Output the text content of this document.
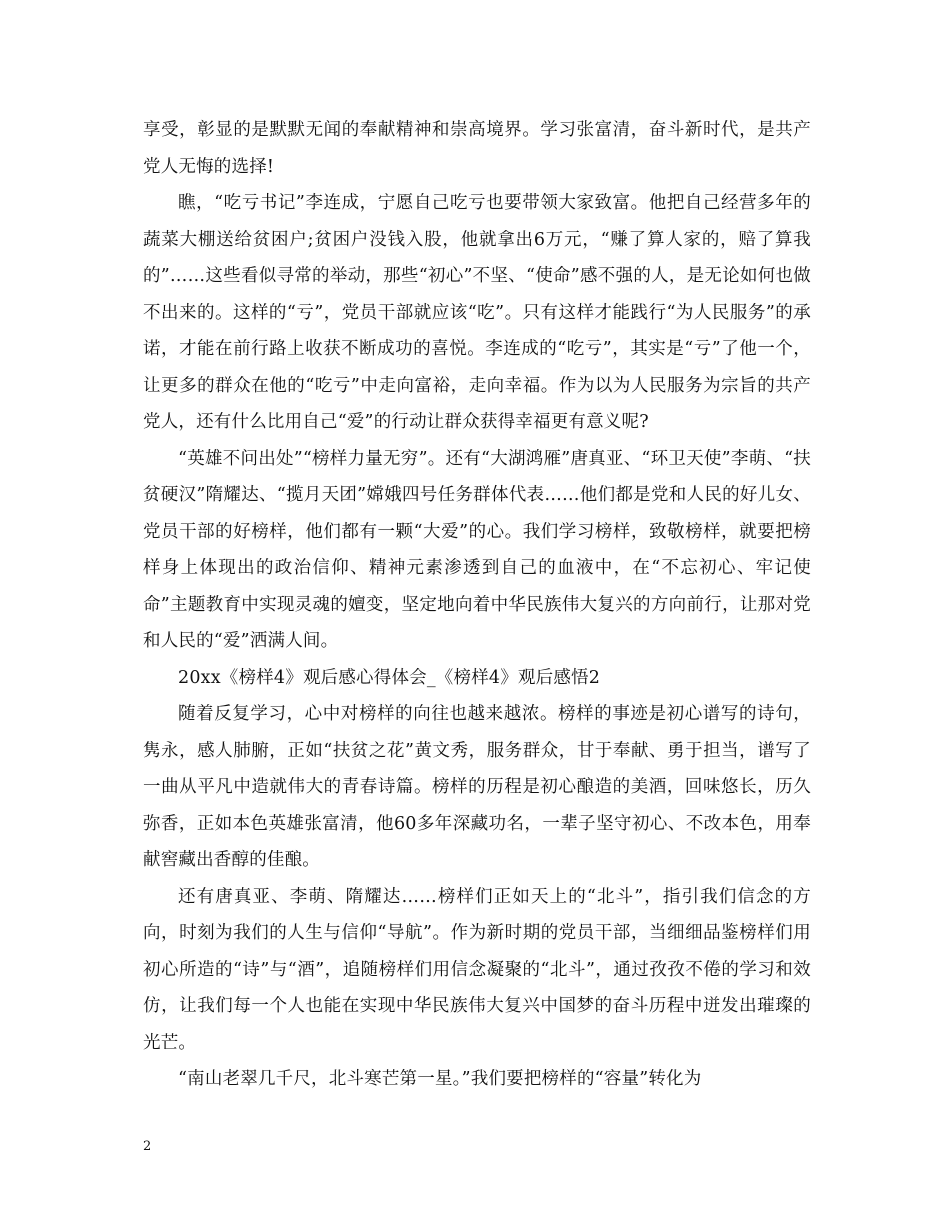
享受，彰显的是默默无闻的奉献精神和崇高境界。学习张富清，奋斗新时代，是共产党人无悔的选择!

瞧，“吃亏书记”李连成，宁愿自己吃亏也要带领大家致富。他把自己经营多年的蔬菜大棚送给贫困户;贫困户没钱入股，他就拿出6万元，“赚了算人家的，赔了算我的”……这些看似寻常的举动，那些“初心”不坚、“使命”感不强的人，是无论如何也做不出来的。这样的“亏”，党员干部就应该“吃”。只有这样才能践行“为人民服务”的承诺，才能在前行路上收获不断成功的喜悦。李连成的“吃亏”，其实是“亏”了他一个，让更多的群众在他的“吃亏”中走向富裕，走向幸福。作为以为人民服务为宗旨的共产党人，还有什么比用自己“爱”的行动让群众获得幸福更有意义呢?

“英雄不问出处”“榜样力量无穷”。还有“大湖鸿雁”唐真亚、“环卫天使”李萌、“扶贫硬汉”隋耀达、“揽月天团”嫦娥四号任务群体代表……他们都是党和人民的好儿女、党员干部的好榜样，他们都有一颗“大爱”的心。我们学习榜样，致敬榜样，就要把榜样身上体现出的政治信仰、精神元素渗透到自己的血液中，在“不忘初心、牢记使命”主题教育中实现灵魂的嬗变，坚定地向着中华民族伟大复兴的方向前行，让那对党和人民的“爱”洒满人间。

20xx《榜样4》观后感心得体会_《榜样4》观后感悟2

随着反复学习，心中对榜样的向往也越来越浓。榜样的事迹是初心谱写的诗句，隽永，感人肺腑，正如“扶贫之花”黄文秀，服务群众，甘于奉献、勇于担当，谱写了一曲从平凡中造就伟大的青春诗篇。榜样的历程是初心酿造的美酒，回味悠长，历久弥香，正如本色英雄张富清，他60多年深藏功名，一辈子坚守初心、不改本色，用奉献窖藏出香醇的佳酿。

还有唐真亚、李萌、隋耀达……榜样们正如天上的“北斗”，指引我们信念的方向，时刻为我们的人生与信仰“导航”。作为新时期的党员干部，当细细品鉴榜样们用初心所造的“诗”与“酒”，追随榜样们用信念凝聚的“北斗”，通过孜孜不倦的学习和效仿，让我们每一个人也能在实现中华民族伟大复兴中国梦的奋斗历程中迸发出璀璨的光芒。

“南山老翠几千尺，北斗寒芒第一星。”我们要把榜样的“容量”转化为

2
